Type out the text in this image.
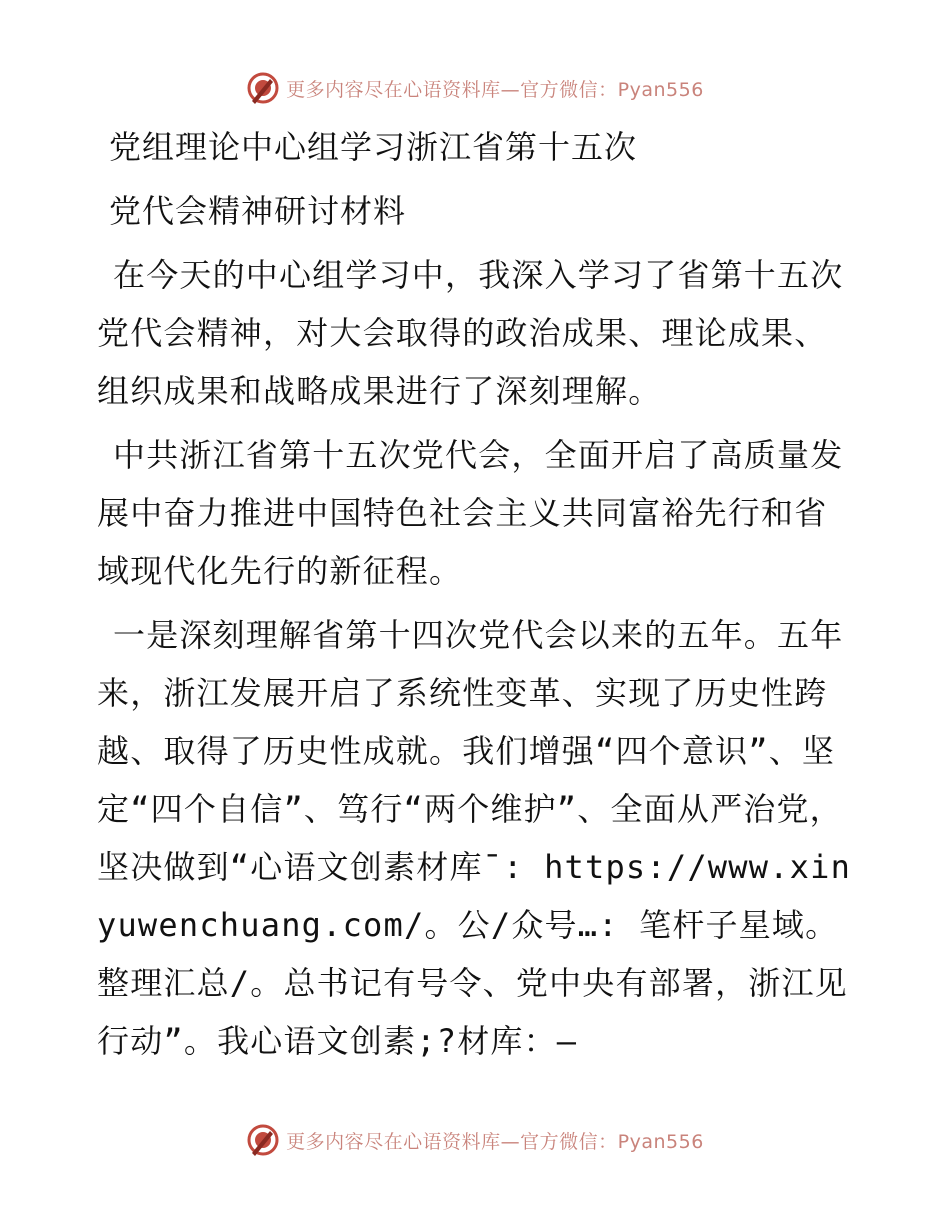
更多内容尽在心语资料库—官方微信：Pyan556
党组理论中心组学习浙江省第十五次
党代会精神研讨材料

在今天的中心组学习中，我深入学习了省第十五次党代会精神，对大会取得的政治成果、理论成果、组织成果和战略成果进行了深刻理解。

中共浙江省第十五次党代会，全面开启了高质量发展中奋力推进中国特色社会主义共同富裕先行和省域现代化先行的新征程。

一是深刻理解省第十四次党代会以来的五年。五年来，浙江发展开启了系统性变革、实现了历史性跨越、取得了历史性成就。我们增强“四个意识”、坚定“四个自信”、笃行“两个维护”、全面从严治党，坚决做到“心语文创素材库¯: https://www.xinyuwenchuang.com/。公/众号…: 笔杆子星域。整理汇总/。总书记有号令、党中央有部署，浙江见行动”。我心语文创素;?材库：—

更多内容尽在心语资料库—官方微信：Pyan556
